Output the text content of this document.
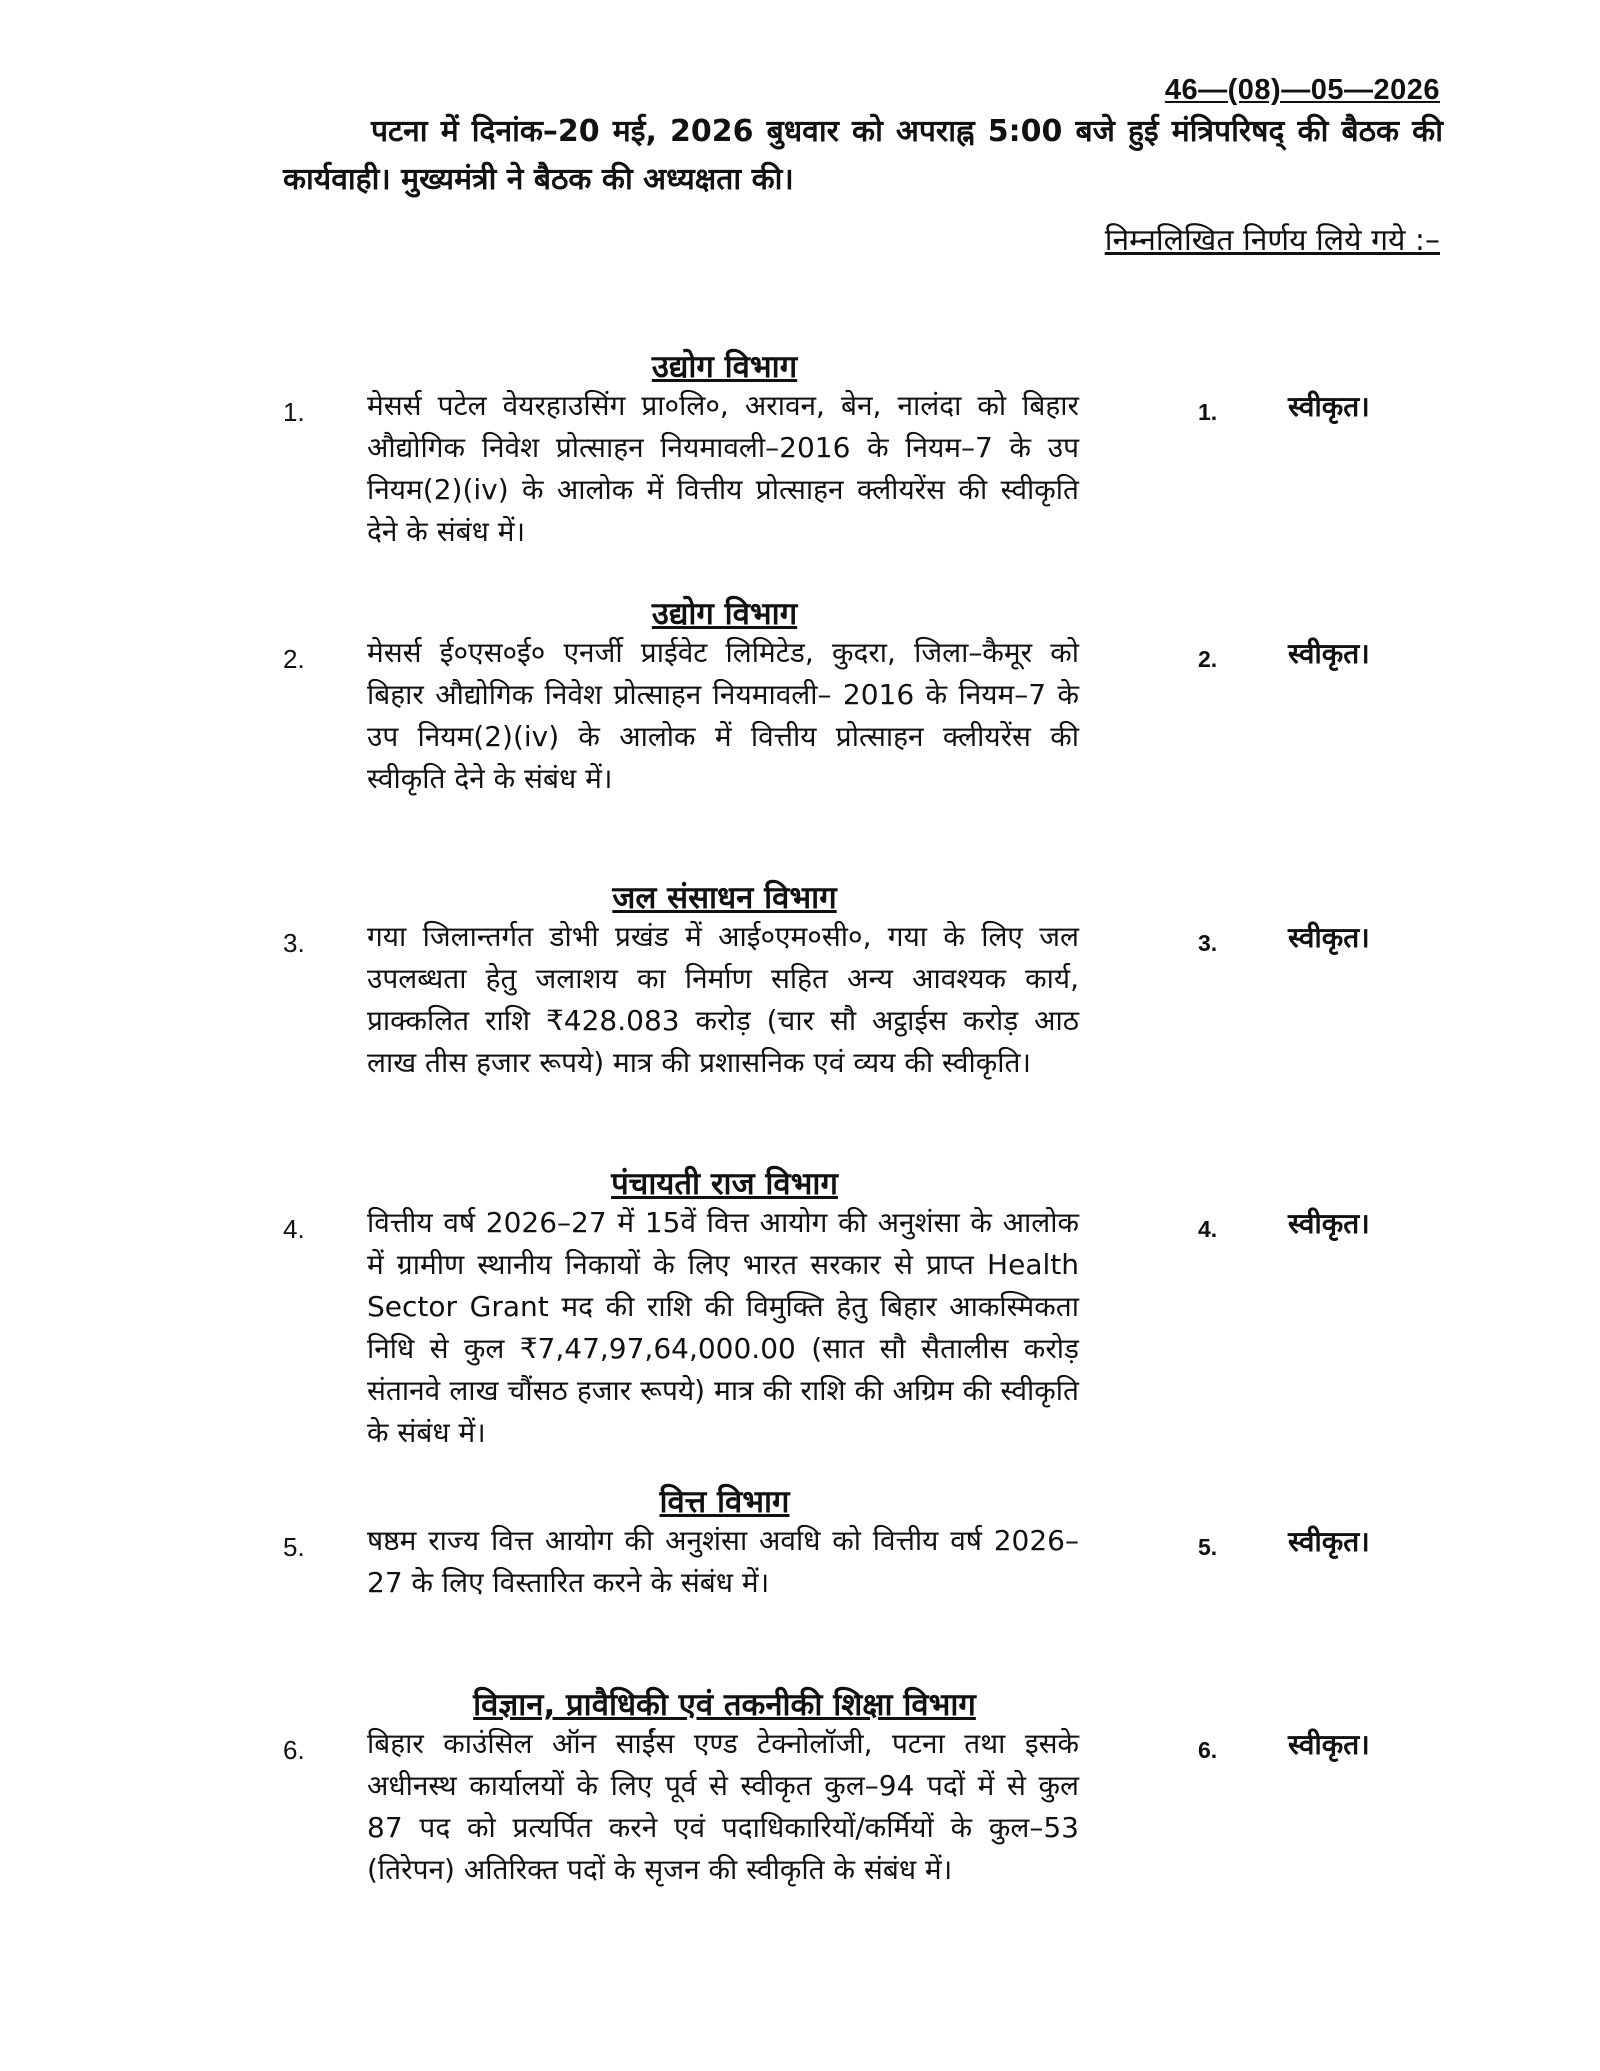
46—(08)—05—2026

पटना में दिनांक–20 मई, 2026 बुधवार को अपराह्न 5:00 बजे हुई मंत्रिपरिषद् की बैठक की कार्यवाही। मुख्यमंत्री ने बैठक की अध्यक्षता की।

निम्नलिखित निर्णय लिये गये :–
उद्योग विभाग
1. मेसर्स पटेल वेयरहाउसिंग प्रा०लि०, अरावन, बेन, नालंदा को बिहार औद्योगिक निवेश प्रोत्साहन नियमावली–2016 के नियम–7 के उप नियम(2)(iv) के आलोक में वित्तीय प्रोत्साहन क्लीयरेंस की स्वीकृति देने के संबंध में।

1.	स्वीकृत।
उद्योग विभाग
2. मेसर्स ई०एस०ई० एनर्जी प्राईवेट लिमिटेड, कुदरा, जिला–कैमूर को बिहार औद्योगिक निवेश प्रोत्साहन नियमावली– 2016 के नियम–7 के उप नियम(2)(iv) के आलोक में वित्तीय प्रोत्साहन क्लीयरेंस की स्वीकृति देने के संबंध में।

2.	स्वीकृत।
जल संसाधन विभाग
3. गया जिलान्तर्गत डोभी प्रखंड में आई०एम०सी०, गया के लिए जल उपलब्धता हेतु जलाशय का निर्माण सहित अन्य आवश्यक कार्य, प्राक्कलित राशि ₹428.083 करोड़ (चार सौ अट्ठाईस करोड़ आठ लाख तीस हजार रूपये) मात्र की प्रशासनिक एवं व्यय की स्वीकृति।

3.	स्वीकृत।
पंचायती राज विभाग
4. वित्तीय वर्ष 2026–27 में 15वें वित्त आयोग की अनुशंसा के आलोक में ग्रामीण स्थानीय निकायों के लिए भारत सरकार से प्राप्त Health Sector Grant मद की राशि की विमुक्ति हेतु बिहार आकस्मिकता निधि से कुल ₹7,47,97,64,000.00 (सात सौ सैतालीस करोड़ संतानवे लाख चौंसठ हजार रूपये) मात्र की राशि की अग्रिम की स्वीकृति के संबंध में।

4.	स्वीकृत।
वित्त विभाग
5. षष्ठम राज्य वित्त आयोग की अनुशंसा अवधि को वित्तीय वर्ष 2026–27 के लिए विस्तारित करने के संबंध में।

5.	स्वीकृत।
विज्ञान, प्रावैधिकी एवं तकनीकी शिक्षा विभाग
6. बिहार काउंसिल ऑन साईंस एण्ड टेक्नोलॉजी, पटना तथा इसके अधीनस्थ कार्यालयों के लिए पूर्व से स्वीकृत कुल–94 पदों में से कुल 87 पद को प्रत्यर्पित करने एवं पदाधिकारियों/कर्मियों के कुल–53 (तिरेपन) अतिरिक्त पदों के सृजन की स्वीकृति के संबंध में।

6.	स्वीकृत।
